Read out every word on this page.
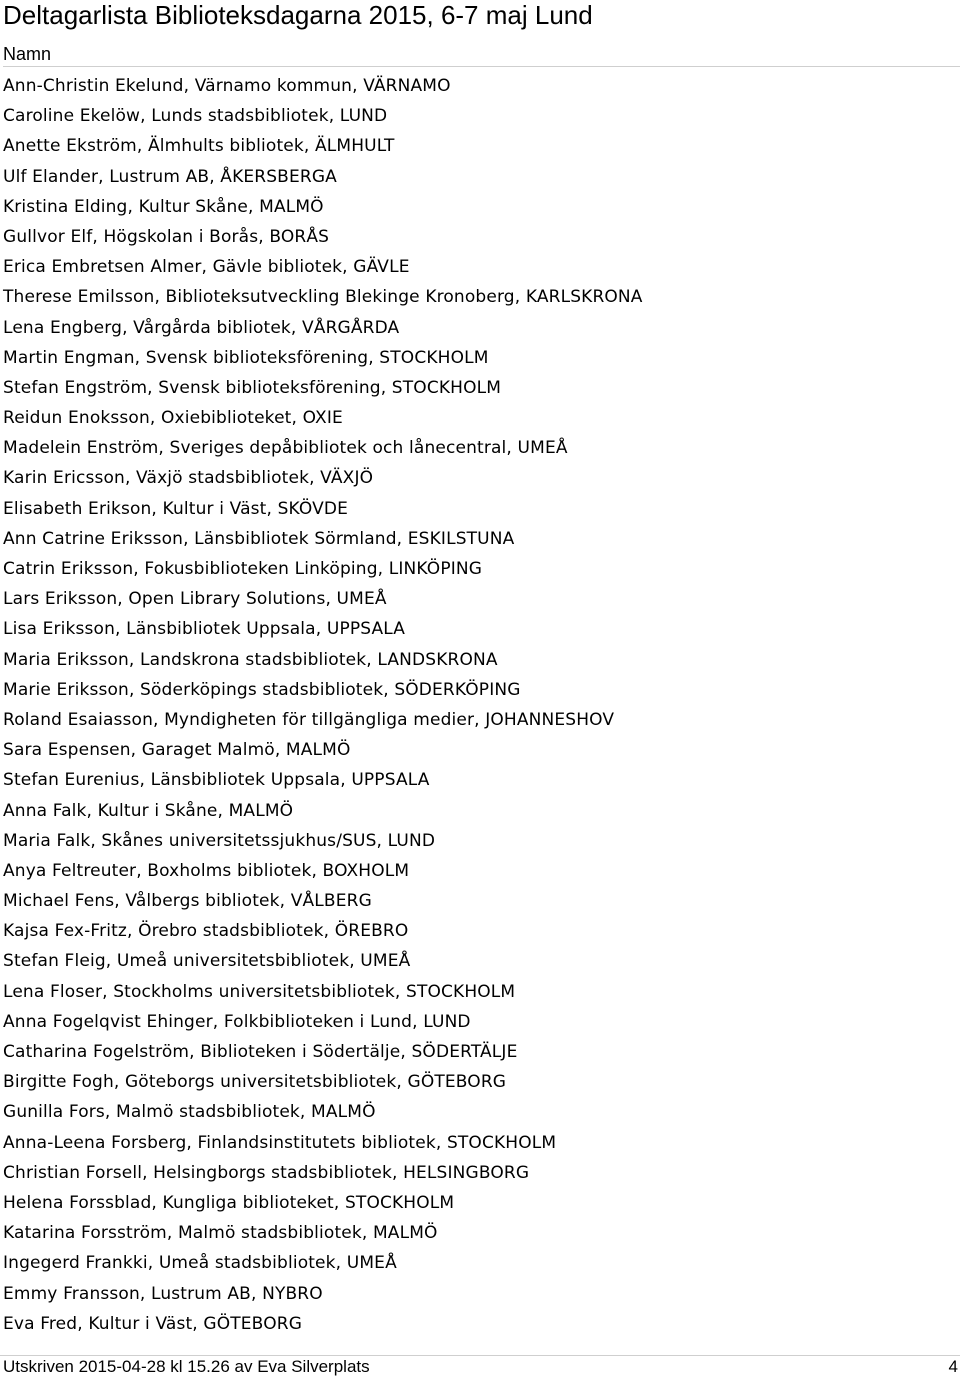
Deltagarlista Biblioteksdagarna 2015, 6-7 maj Lund
Namn
Ann-Christin Ekelund, Värnamo kommun, VÄRNAMO
Caroline Ekelöw, Lunds stadsbibliotek, LUND
Anette Ekström, Älmhults bibliotek, ÄLMHULT
Ulf Elander, Lustrum AB, ÅKERSBERGA
Kristina Elding, Kultur Skåne, MALMÖ
Gullvor Elf, Högskolan i Borås, BORÅS
Erica Embretsen Almer, Gävle bibliotek, GÄVLE
Therese Emilsson, Biblioteksutveckling Blekinge Kronoberg, KARLSKRONA
Lena Engberg, Vårgårda bibliotek, VÅRGÅRDA
Martin Engman, Svensk biblioteksförening, STOCKHOLM
Stefan Engström, Svensk biblioteksförening, STOCKHOLM
Reidun Enoksson, Oxiebiblioteket, OXIE
Madelein Enström, Sveriges depåbibliotek och lånecentral, UMEÅ
Karin Ericsson, Växjö stadsbibliotek, VÄXJÖ
Elisabeth Erikson, Kultur i Väst, SKÖVDE
Ann Catrine Eriksson, Länsbibliotek Sörmland, ESKILSTUNA
Catrin Eriksson, Fokusbiblioteken Linköping, LINKÖPING
Lars Eriksson, Open Library Solutions, UMEÅ
Lisa Eriksson, Länsbibliotek Uppsala, UPPSALA
Maria Eriksson, Landskrona stadsbibliotek, LANDSKRONA
Marie Eriksson, Söderköpings stadsbibliotek, SÖDERKÖPING
Roland Esaiasson, Myndigheten för tillgängliga medier, JOHANNESHOV
Sara Espensen, Garaget Malmö, MALMÖ
Stefan Eurenius, Länsbibliotek Uppsala, UPPSALA
Anna Falk, Kultur i Skåne, MALMÖ
Maria Falk, Skånes universitetssjukhus/SUS, LUND
Anya Feltreuter, Boxholms bibliotek, BOXHOLM
Michael Fens, Vålbergs bibliotek, VÅLBERG
Kajsa Fex-Fritz, Örebro stadsbibliotek, ÖREBRO
Stefan Fleig, Umeå universitetsbibliotek, UMEÅ
Lena Floser, Stockholms universitetsbibliotek, STOCKHOLM
Anna Fogelqvist Ehinger, Folkbiblioteken i Lund, LUND
Catharina Fogelström, Biblioteken i Södertälje, SÖDERTÄLJE
Birgitte Fogh, Göteborgs universitetsbibliotek, GÖTEBORG
Gunilla Fors, Malmö stadsbibliotek, MALMÖ
Anna-Leena Forsberg, Finlandsinstitutets bibliotek, STOCKHOLM
Christian Forsell, Helsingborgs stadsbibliotek, HELSINGBORG
Helena Forssblad, Kungliga biblioteket, STOCKHOLM
Katarina Forsström, Malmö stadsbibliotek, MALMÖ
Ingegerd Frankki, Umeå stadsbibliotek, UMEÅ
Emmy Fransson, Lustrum AB, NYBRO
Eva Fred, Kultur i Väst, GÖTEBORG
Utskriven 2015-04-28 kl 15.26 av Eva Silverplats	4
